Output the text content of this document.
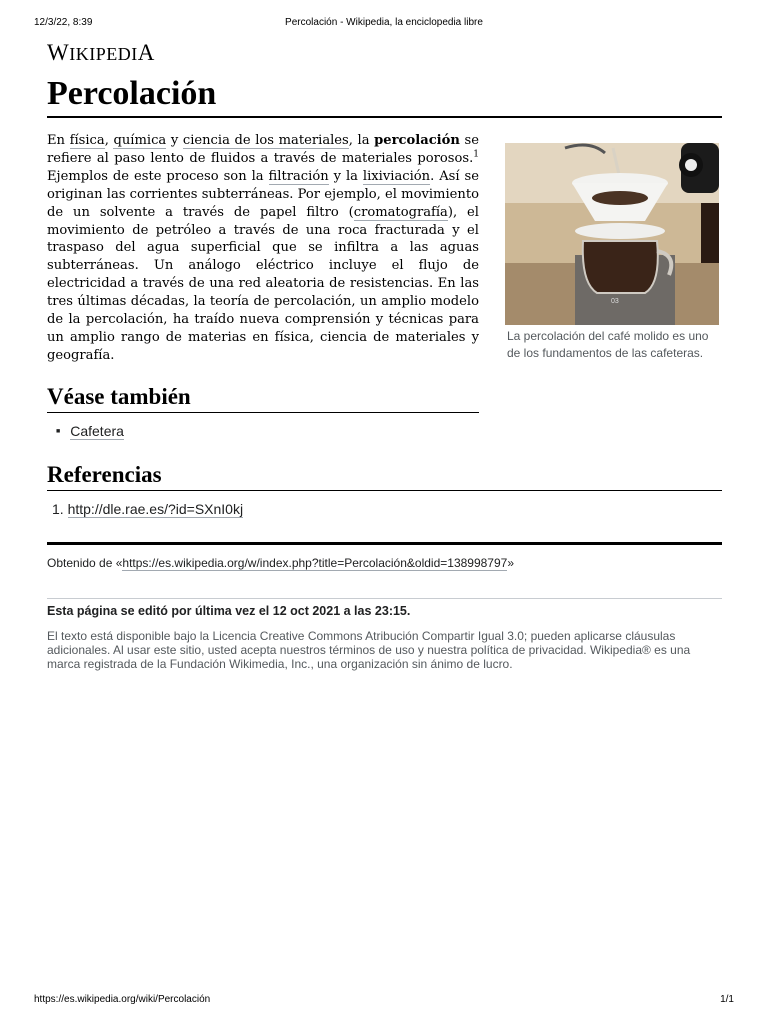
12/3/22, 8:39	Percolación - Wikipedia, la enciclopedia libre
WIKIPEDIA
Percolación
En física, química y ciencia de los materiales, la percolación se refiere al paso lento de fluidos a través de materiales porosos.$^1$ Ejemplos de este proceso son la filtración y la lixiviación. Así se originan las corrientes subterráneas. Por ejemplo, el movimiento de un solvente a través de papel filtro (cromatografía), el movimiento de petróleo a través de una roca fracturada y el traspaso del agua superficial que se infiltra a las aguas subterráneas. Un análogo eléctrico incluye el flujo de electricidad a través de una red aleatoria de resistencias. En las tres últimas décadas, la teoría de percolación, un amplio modelo de la percolación, ha traído nueva comprensión y técnicas para un amplio rango de materias en física, ciencia de materiales y geografía.
03
La percolación del café molido es uno de los fundamentos de las cafeteras.
Véase también
■ Cafetera
Referencias
1. http://dle.rae.es/?id=SXnI0kj
Obtenido de «https://es.wikipedia.org/w/index.php?title=Percolación&oldid=138998797»
Esta página se editó por última vez el 12 oct 2021 a las 23:15.
El texto está disponible bajo la Licencia Creative Commons Atribución Compartir Igual 3.0; pueden aplicarse cláusulas adicionales. Al usar este sitio, usted acepta nuestros términos de uso y nuestra política de privacidad. Wikipedia® es una marca registrada de la Fundación Wikimedia, Inc., una organización sin ánimo de lucro.
https://es.wikipedia.org/wiki/Percolación	1/1
